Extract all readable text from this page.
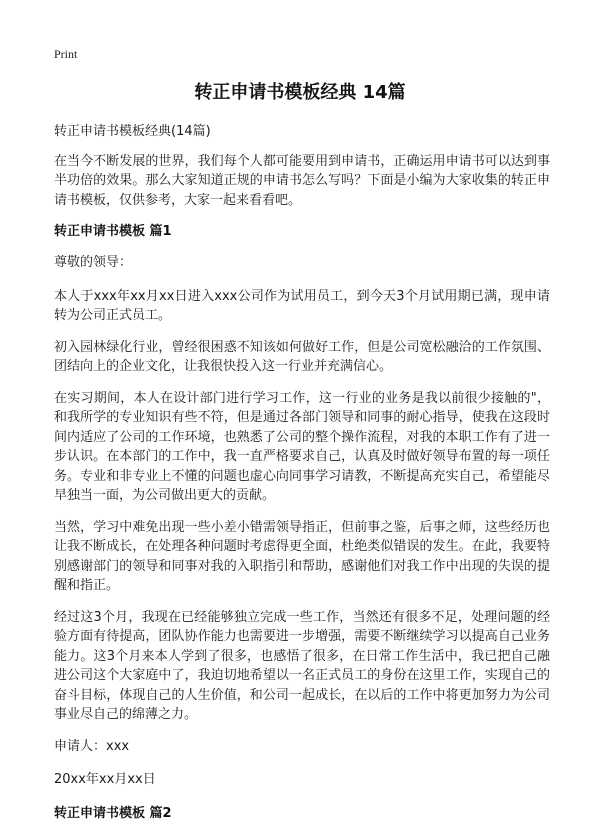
Print
转正申请书模板经典 14篇

转正申请书模板经典(14篇)

在当今不断发展的世界，我们每个人都可能要用到申请书，正确运用申请书可以达到事半功倍的效果。那么大家知道正规的申请书怎么写吗？下面是小编为大家收集的转正申请书模板，仅供参考，大家一起来看看吧。

转正申请书模板 篇1

尊敬的领导：

本人于xxx年xx月xx日进入xxx公司作为试用员工，到今天3个月试用期已满，现申请转为公司正式员工。

初入园林绿化行业，曾经很困惑不知该如何做好工作，但是公司宽松融洽的工作氛围、团结向上的企业文化，让我很快投入这一行业并充满信心。

在实习期间，本人在设计部门进行学习工作，这一行业的业务是我以前很少接触的"，和我所学的专业知识有些不符，但是通过各部门领导和同事的耐心指导，使我在这段时间内适应了公司的工作环境，也熟悉了公司的整个操作流程，对我的本职工作有了进一步认识。在本部门的工作中，我一直严格要求自己，认真及时做好领导布置的每一项任务。专业和非专业上不懂的问题也虚心向同事学习请教，不断提高充实自己，希望能尽早独当一面，为公司做出更大的贡献。

当然，学习中难免出现一些小差小错需领导指正，但前事之鉴，后事之师，这些经历也让我不断成长，在处理各种问题时考虑得更全面，杜绝类似错误的发生。在此，我要特别感谢部门的领导和同事对我的入职指引和帮助，感谢他们对我工作中出现的失误的提醒和指正。

经过这3个月，我现在已经能够独立完成一些工作，当然还有很多不足，处理问题的经验方面有待提高，团队协作能力也需要进一步增强，需要不断继续学习以提高自己业务能力。这3个月来本人学到了很多，也感悟了很多，在日常工作生活中，我已把自己融进公司这个大家庭中了，我迫切地希望以一名正式员工的身份在这里工作，实现自己的奋斗目标，体现自己的人生价值，和公司一起成长，在以后的工作中将更加努力为公司事业尽自己的绵薄之力。

申请人：xxx

20xx年xx月xx日

转正申请书模板 篇2
